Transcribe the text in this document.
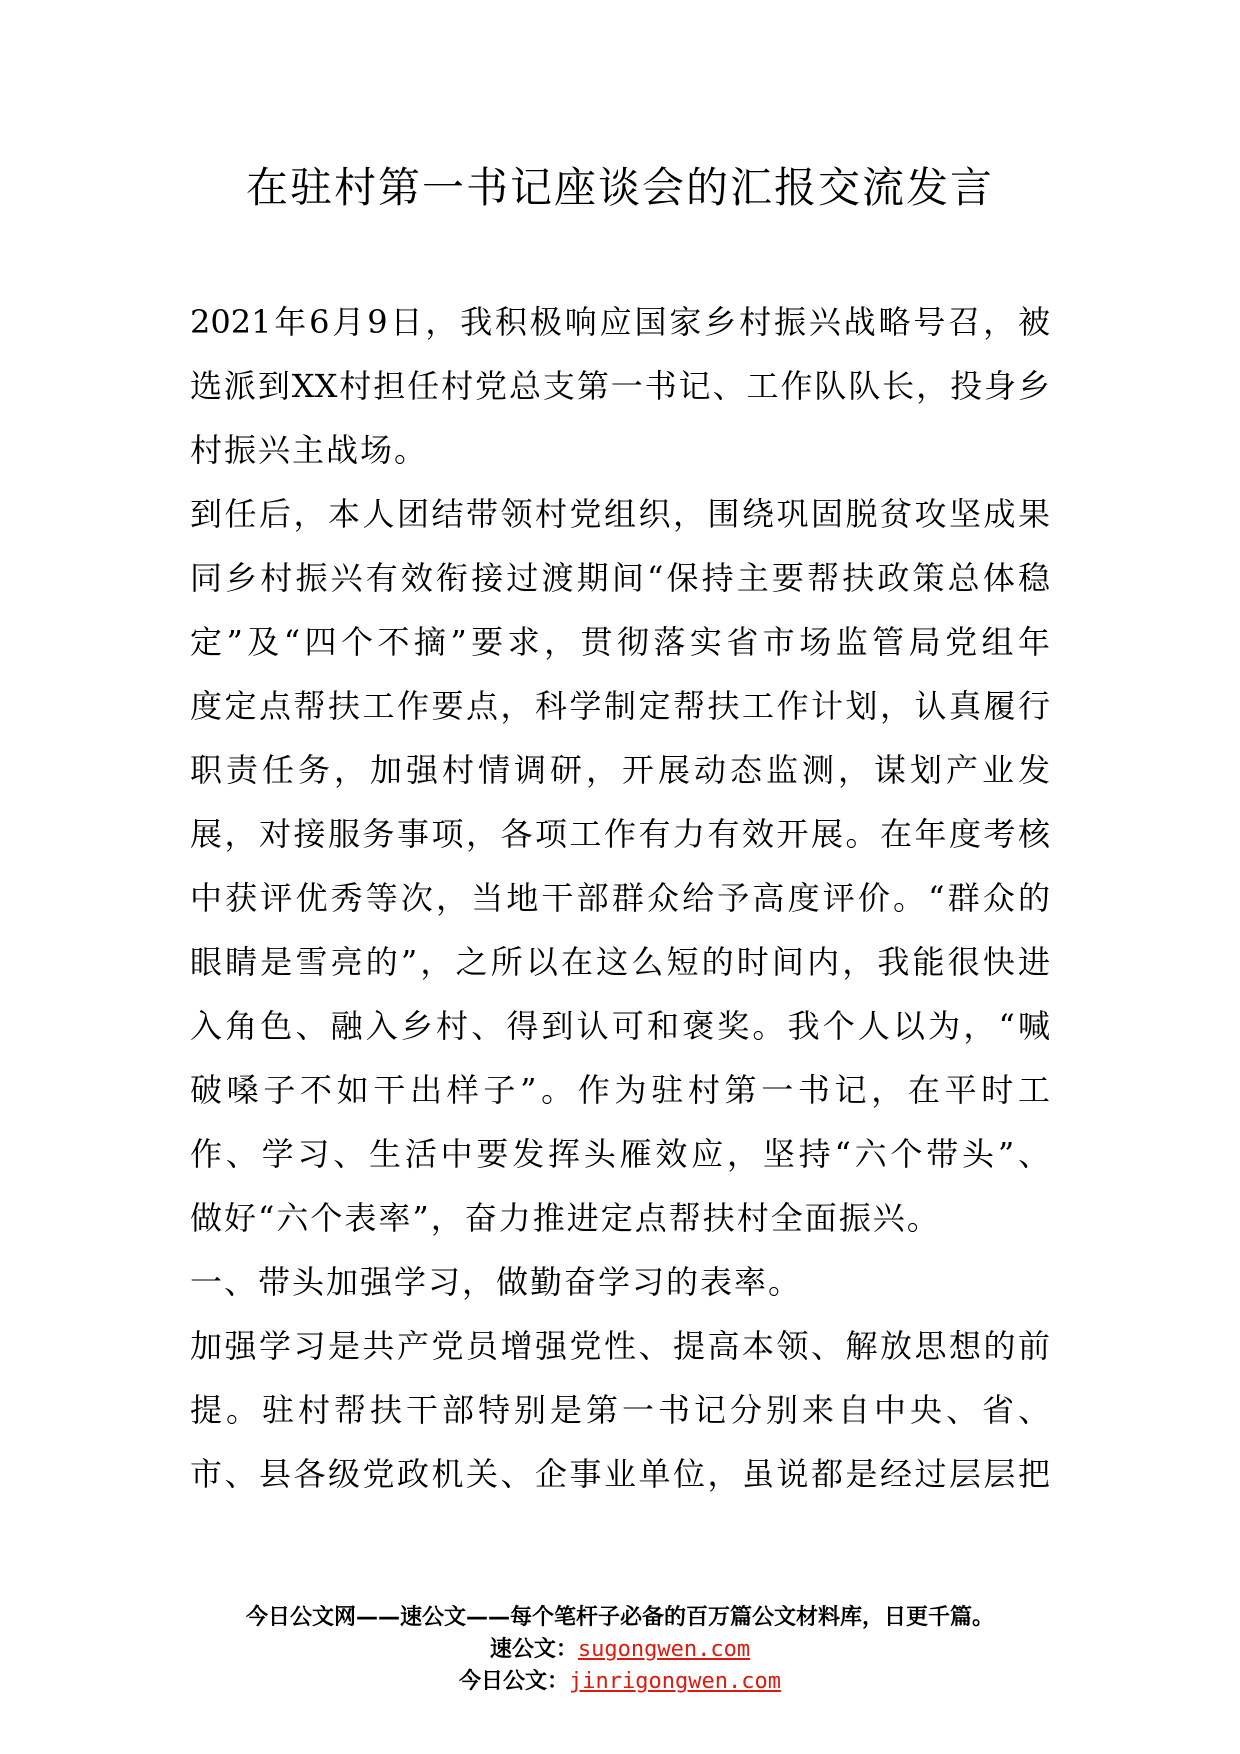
在驻村第一书记座谈会的汇报交流发言
2021年6月9日，我积极响应国家乡村振兴战略号召，被
选派到XX村担任村党总支第一书记、工作队队长，投身乡
村振兴主战场。
到任后，本人团结带领村党组织，围绕巩固脱贫攻坚成果
同乡村振兴有效衔接过渡期间“保持主要帮扶政策总体稳
定”及“四个不摘”要求，贯彻落实省市场监管局党组年
度定点帮扶工作要点，科学制定帮扶工作计划，认真履行
职责任务，加强村情调研，开展动态监测，谋划产业发
展，对接服务事项，各项工作有力有效开展。在年度考核
中获评优秀等次，当地干部群众给予高度评价。“群众的
眼睛是雪亮的”，之所以在这么短的时间内，我能很快进
入角色、融入乡村、得到认可和褒奖。我个人以为，“喊
破嗓子不如干出样子”。作为驻村第一书记，在平时工
作、学习、生活中要发挥头雁效应，坚持“六个带头”、
做好“六个表率”，奋力推进定点帮扶村全面振兴。
一、带头加强学习，做勤奋学习的表率。
加强学习是共产党员增强党性、提高本领、解放思想的前
提。驻村帮扶干部特别是第一书记分别来自中央、省、
市、县各级党政机关、企事业单位，虽说都是经过层层把
今日公文网——速公文——每个笔杆子必备的百万篇公文材料库，日更千篇。
速公文：sugongwen.com
今日公文：jinrigongwen.com
